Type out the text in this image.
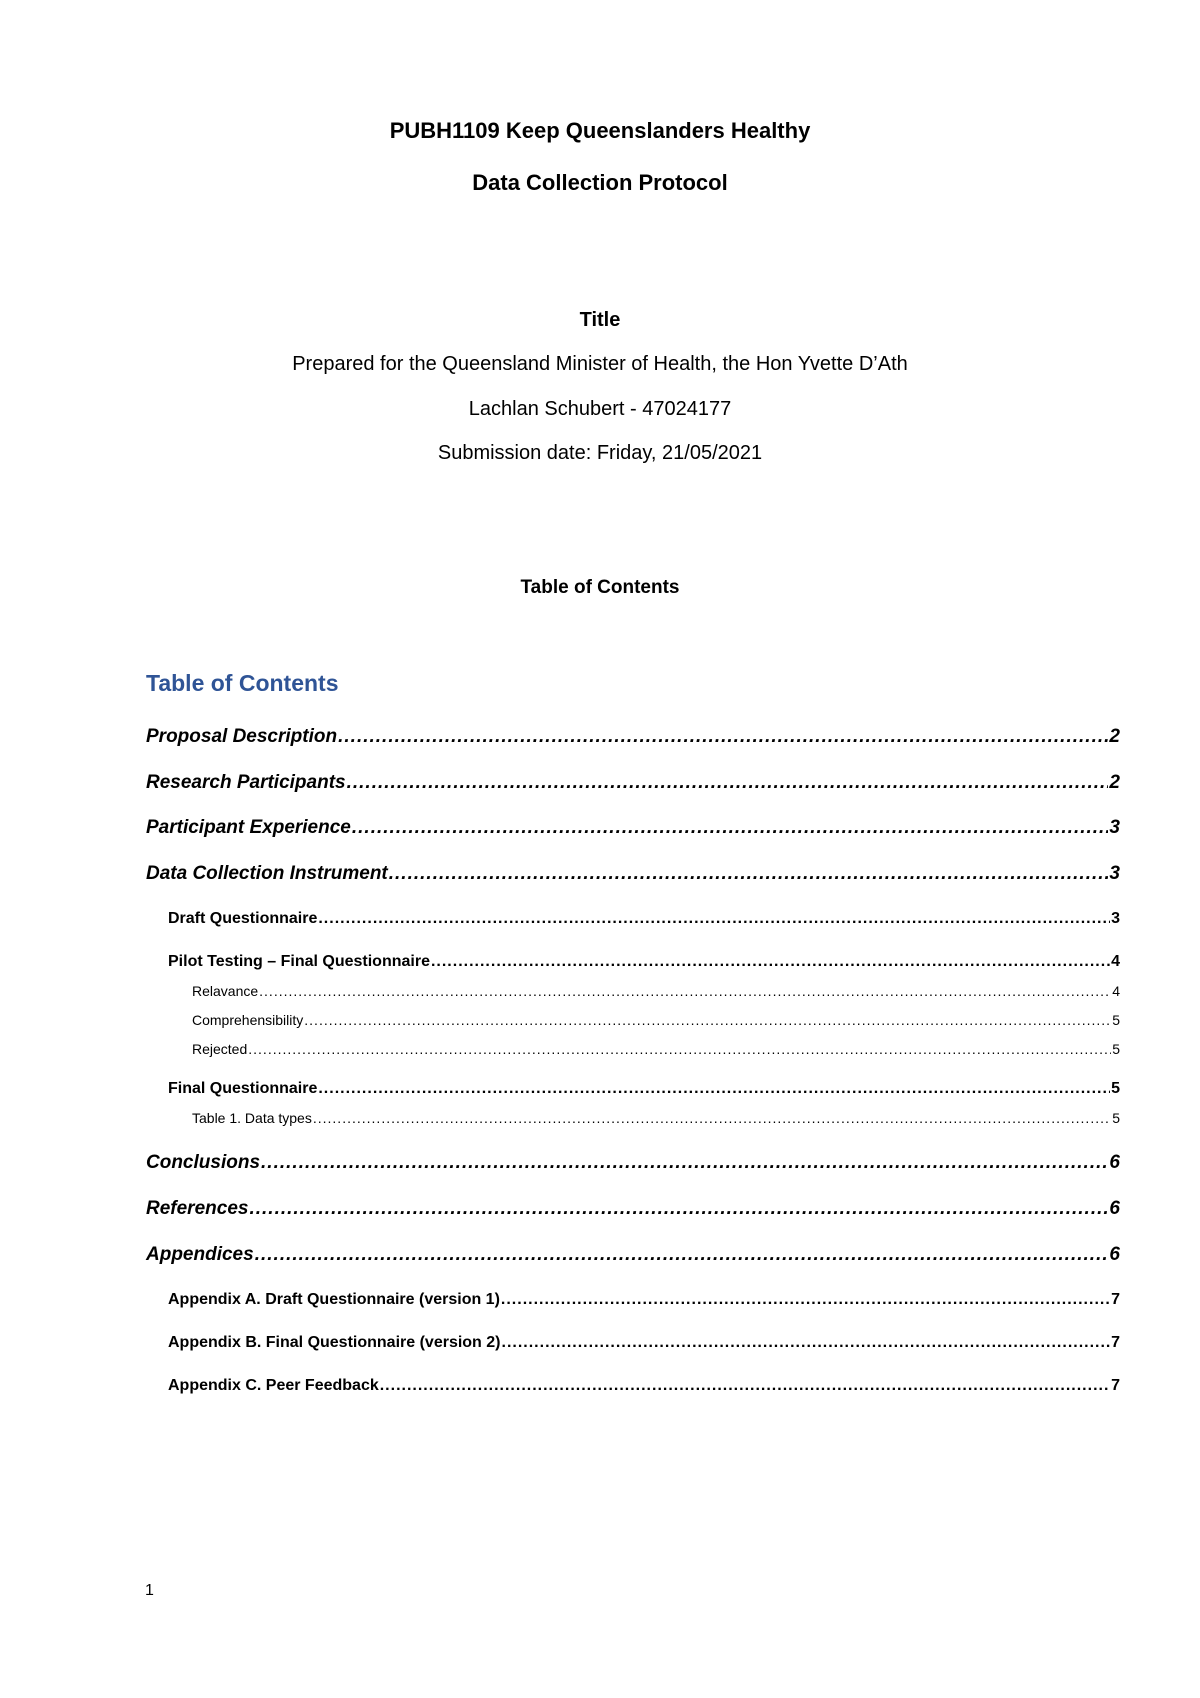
PUBH1109 Keep Queenslanders Healthy
Data Collection Protocol
Title
Prepared for the Queensland Minister of Health, the Hon Yvette D’Ath
Lachlan Schubert - 47024177
Submission date: Friday, 21/05/2021
Table of Contents
Table of Contents
Proposal Description .....	2
Research Participants .....	2
Participant Experience .....	3
Data Collection Instrument .....	3
Draft Questionnaire .....	3
Pilot Testing – Final Questionnaire .....	4
Relavance .....	4
Comprehensibility .....	5
Rejected .....	5
Final Questionnaire .....	5
Table 1. Data types .....	5
Conclusions .....	6
References .....	6
Appendices .....	6
Appendix A. Draft Questionnaire (version 1) .....	7
Appendix B. Final Questionnaire (version 2) .....	7
Appendix C. Peer Feedback .....	7
1
